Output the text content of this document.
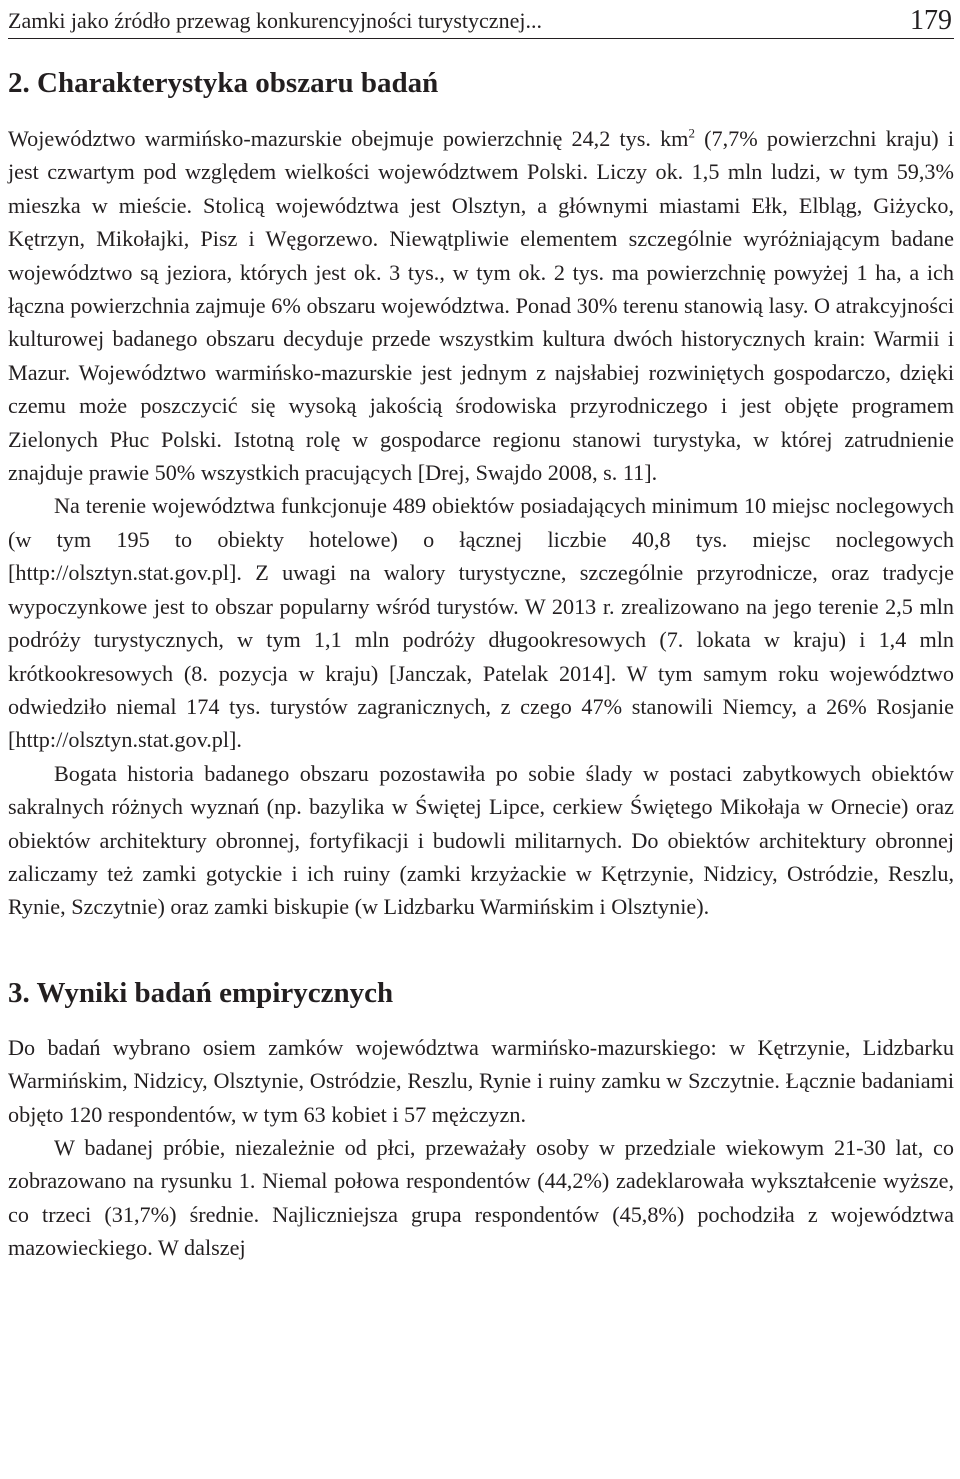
Zamki jako źródło przewag konkurencyjności turystycznej...	179
2. Charakterystyka obszaru badań

Województwo warmińsko-mazurskie obejmuje powierzchnię 24,2 tys. $km^2$ (7,7% powierzchni kraju) i jest czwartym pod względem wielkości województwem Polski. Liczy ok. 1,5 mln ludzi, w tym 59,3% mieszka w mieście. Stolicą województwa jest Olsztyn, a głównymi miastami Ełk, Elbląg, Giżycko, Kętrzyn, Mikołajki, Pisz i Węgorzewo. Niewątpliwie elementem szczególnie wyróżniającym badane województwo są jeziora, których jest ok. 3 tys., w tym ok. 2 tys. ma powierzchnię powyżej 1 ha, a ich łączna powierzchnia zajmuje 6% obszaru województwa. Ponad 30% terenu stanowią lasy. O atrakcyjności kulturowej badanego obszaru decyduje przede wszystkim kultura dwóch historycznych krain: Warmii i Mazur. Województwo warmińsko-mazurskie jest jednym z najsłabiej rozwiniętych gospodarczo, dzięki czemu może poszczycić się wysoką jakością środowiska przyrodniczego i jest objęte programem Zielonych Płuc Polski. Istotną rolę w gospodarce regionu stanowi turystyka, w której zatrudnienie znajduje prawie 50% wszystkich pracujących [Drej, Swajdo 2008, s. 11].

Na terenie województwa funkcjonuje 489 obiektów posiadających minimum 10 miejsc noclegowych (w tym 195 to obiekty hotelowe) o łącznej liczbie 40,8 tys. miejsc noclegowych [http://olsztyn.stat.gov.pl]. Z uwagi na walory turystyczne, szczególnie przyrodnicze, oraz tradycje wypoczynkowe jest to obszar popularny wśród turystów. W 2013 r. zrealizowano na jego terenie 2,5 mln podróży turystycznych, w tym 1,1 mln podróży długookresowych (7. lokata w kraju) i 1,4 mln krótkookresowych (8. pozycja w kraju) [Janczak, Patelak 2014]. W tym samym roku województwo odwiedziło niemal 174 tys. turystów zagranicznych, z czego 47% stanowili Niemcy, a 26% Rosjanie [http://olsztyn.stat.gov.pl].

Bogata historia badanego obszaru pozostawiła po sobie ślady w postaci zabytkowych obiektów sakralnych różnych wyznań (np. bazylika w Świętej Lipce, cerkiew Świętego Mikołaja w Ornecie) oraz obiektów architektury obronnej, fortyfikacji i budowli militarnych. Do obiektów architektury obronnej zaliczamy też zamki gotyckie i ich ruiny (zamki krzyżackie w Kętrzynie, Nidzicy, Ostródzie, Reszlu, Rynie, Szczytnie) oraz zamki biskupie (w Lidzbarku Warmińskim i Olsztynie).

3. Wyniki badań empirycznych

Do badań wybrano osiem zamków województwa warmińsko-mazurskiego: w Kętrzynie, Lidzbarku Warmińskim, Nidzicy, Olsztynie, Ostródzie, Reszlu, Rynie i ruiny zamku w Szczytnie. Łącznie badaniami objęto 120 respondentów, w tym 63 kobiet i 57 mężczyzn.

W badanej próbie, niezależnie od płci, przeważały osoby w przedziale wiekowym 21-30 lat, co zobrazowano na rysunku 1. Niemal połowa respondentów (44,2%) zadeklarowała wykształcenie wyższe, co trzeci (31,7%) średnie. Najliczniejsza grupa respondentów (45,8%) pochodziła z województwa mazowieckiego. W dalszej
